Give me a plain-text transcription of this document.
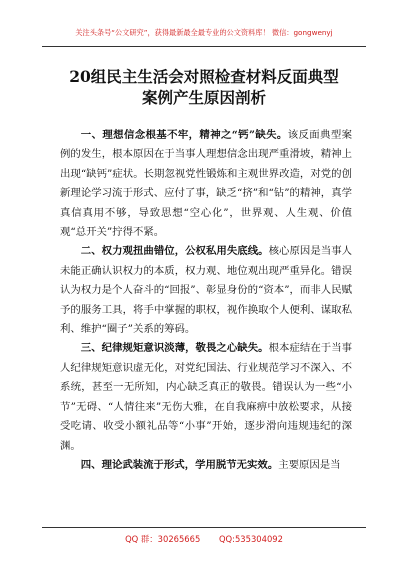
关注头条号“公文研究”，获得最新最全最专业的公文资料库！ 微信：gongwenyj
20组民主生活会对照检查材料反面典型
案例产生原因剖析

一、理想信念根基不牢，精神之“钙”缺失。该反面典型案例的发生，根本原因在于当事人理想信念出现严重滑坡，精神上出现“缺钙”症状。长期忽视党性锻炼和主观世界改造，对党的创新理论学习流于形式、应付了事，缺乏“挤”和“钻”的精神，真学真信真用不够，导致思想“空心化”，世界观、人生观、价值观“总开关”拧得不紧。

二、权力观扭曲错位，公权私用失底线。核心原因是当事人未能正确认识权力的本质，权力观、地位观出现严重异化。错误认为权力是个人奋斗的“回报”、彰显身份的“资本”，而非人民赋予的服务工具，将手中掌握的职权，视作换取个人便利、谋取私利、维护“圈子”关系的筹码。

三、纪律规矩意识淡薄，敬畏之心缺失。根本症结在于当事人纪律规矩意识虚无化，对党纪国法、行业规范学习不深入、不系统，甚至一无所知，内心缺乏真正的敬畏。错误认为一些“小节”无碍、“人情往来”无伤大雅，在自我麻痹中放松要求，从接受吃请、收受小额礼品等“小事”开始，逐步滑向违规违纪的深渊。

四、理论武装流于形式，学用脱节无实效。主要原因是当

QQ 群：30265665 QQ:535304092
